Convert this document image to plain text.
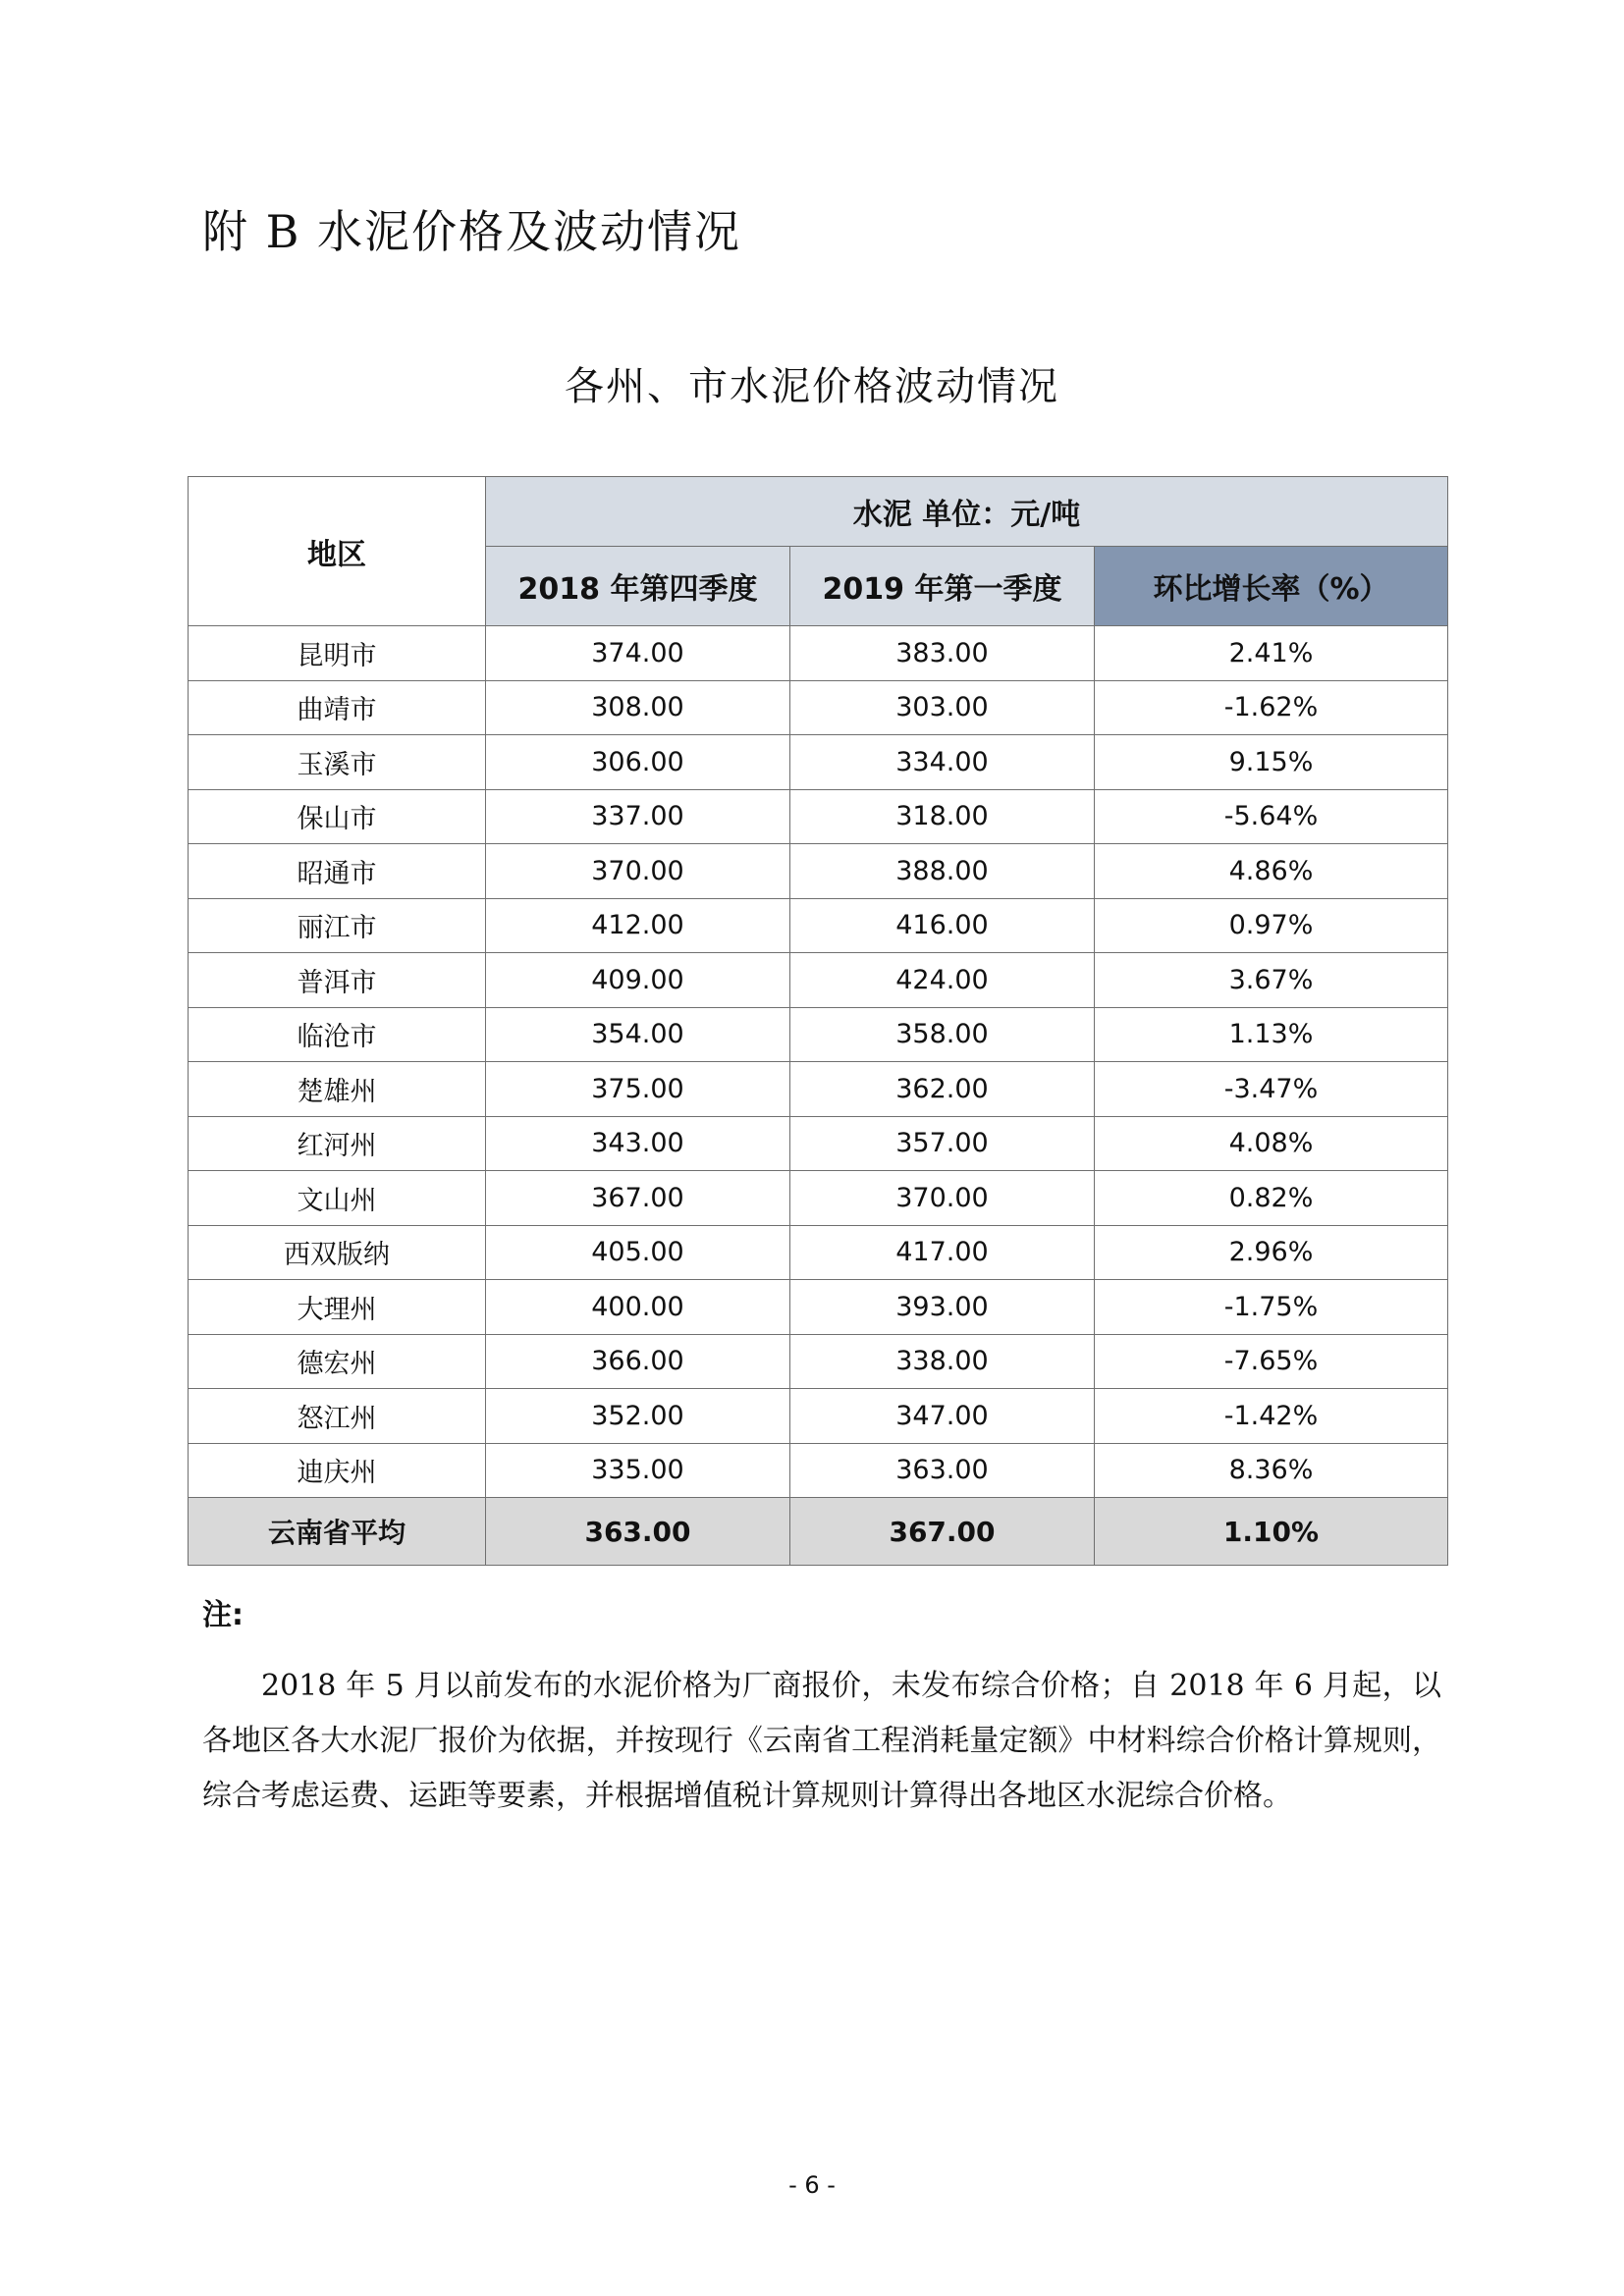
附 B 水泥价格及波动情况
各州、市水泥价格波动情况
地区	水泥 单位：元/吨		
	2018 年第四季度	2019 年第一季度	环比增长率（%）
昆明市	374.00	383.00	2.41%
曲靖市	308.00	303.00	-1.62%
玉溪市	306.00	334.00	9.15%
保山市	337.00	318.00	-5.64%
昭通市	370.00	388.00	4.86%
丽江市	412.00	416.00	0.97%
普洱市	409.00	424.00	3.67%
临沧市	354.00	358.00	1.13%
楚雄州	375.00	362.00	-3.47%
红河州	343.00	357.00	4.08%
文山州	367.00	370.00	0.82%
西双版纳	405.00	417.00	2.96%
大理州	400.00	393.00	-1.75%
德宏州	366.00	338.00	-7.65%
怒江州	352.00	347.00	-1.42%
迪庆州	335.00	363.00	8.36%
云南省平均	363.00	367.00	1.10%
注:
2018 年 5 月以前发布的水泥价格为厂商报价，未发布综合价格；自 2018 年 6 月起，以各地区各大水泥厂报价为依据，并按现行《云南省工程消耗量定额》中材料综合价格计算规则，综合考虑运费、运距等要素，并根据增值税计算规则计算得出各地区水泥综合价格。
- 6 -
